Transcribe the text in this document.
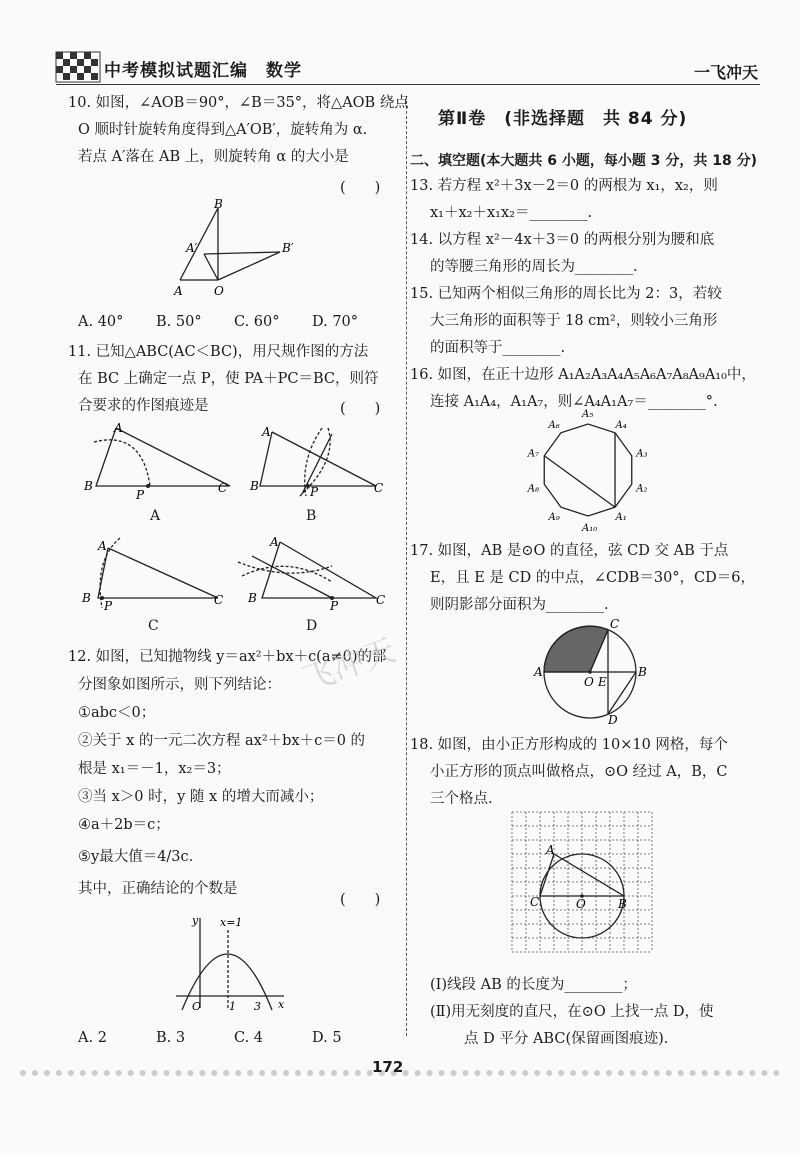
中考模拟试题汇编　数学	一飞冲天
10. 如图，∠AOB＝90°，∠B＝35°，将△AOB 绕点
O 顺时针旋转角度得到△A′OB′，旋转角为 α.
若点 A′落在 AB 上，则旋转角 α 的大小是
(　　)
B
A′	B′
A	O
A. 40° B. 50° C. 60° D. 70°
11. 已知△ABC(AC＜BC)，用尺规作图的方法
在 BC 上确定一点 P，使 PA＋PC＝BC，则符
合要求的作图痕迹是	(　　)
A
B
P	C
A
A
B	P	C
B
A
B
P	C
C
A
B
P	C
D
12. 如图，已知抛物线 y＝ax²＋bx＋c(a≠0)的部
分图象如图所示，则下列结论：
①abc＜0；
②关于 x 的一元二次方程 ax²＋bx＋c＝0 的
根是 x₁＝－1，x₂＝3；
③当 x＞0 时，y 随 x 的增大而减小；
④a＋2b＝c；
⑤y最大值＝4/3c.
其中，正确结论的个数是
(　　)
y x=1
O	1 3 x
A. 2	B. 3	C. 4	D. 5
第Ⅱ卷　(非选择题　共 84 分)
二、填空题(本大题共 6 小题，每小题 3 分，共 18 分)
13. 若方程 x²＋3x－2＝0 的两根为 x₁，x₂，则
x₁＋x₂＋x₁x₂＝________.
14. 以方程 x²－4x＋3＝0 的两根分别为腰和底
的等腰三角形的周长为________.
15. 已知两个相似三角形的周长比为 2：3，若较
大三角形的面积等于 18 cm²，则较小三角形
的面积等于________.
16. 如图，在正十边形 A₁A₂A₃A₄A₅A₆A₇A₈A₉A₁₀中，
连接 A₁A₄，A₁A₇，则∠A₄A₁A₇＝________°.
A₁
A₂
A₃
A₄
A₅
A₆
A₇
A₈
A₉
A₁₀
17. 如图，AB 是⊙O 的直径，弦 CD 交 AB 于点
E，且 E 是 CD 的中点，∠CDB＝30°，CD＝6，
则阴影部分面积为________.
C
A
O E
B
D
18. 如图，由小正方形构成的 10×10 网格，每个
小正方形的顶点叫做格点，⊙O 经过 A，B，C
三个格点.
A
C	O	B
(Ⅰ)线段 AB 的长度为________；
(Ⅱ)用无刻度的直尺，在⊙O 上找一点 D，使
点 D 平分 ABC(保留画图痕迹).
飞冲天
172
